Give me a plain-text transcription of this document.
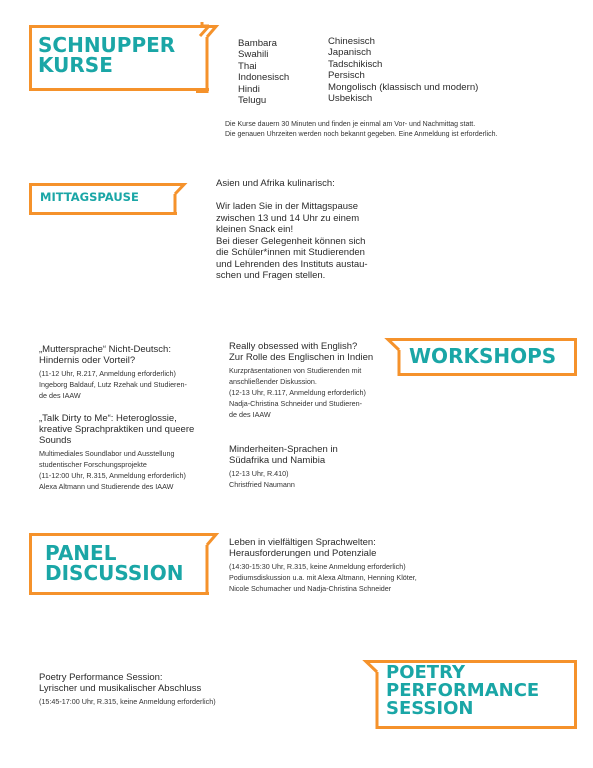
SCHNUPPER
KURSE
Bambara
Swahili
Thai
Indonesisch
Hindi
Telugu
Chinesisch
Japanisch
Tadschikisch
Persisch
Mongolisch (klassisch und modern)
Usbekisch
Die Kurse dauern 30 Minuten und finden je einmal am Vor- und Nachmittag statt.
Die genauen Uhrzeiten werden noch bekannt gegeben. Eine Anmeldung ist erforderlich.
MITTAGSPAUSE
Asien und Afrika kulinarisch:
Wir laden Sie in der Mittagspause
zwischen 13 und 14 Uhr zu einem
kleinen Snack ein!
Bei dieser Gelegenheit können sich
die Schüler*innen mit Studierenden
und Lehrenden des Instituts austau-
schen und Fragen stellen.
„Muttersprache“ Nicht-Deutsch:
Hindernis oder Vorteil?
(11-12 Uhr, R.217, Anmeldung erforderlich)
Ingeborg Baldauf, Lutz Rzehak und Studieren-
de des IAAW
„Talk Dirty to Me“: Heteroglossie,
kreative Sprachpraktiken und queere
Sounds
Multimediales Soundlabor und Ausstellung
studentischer Forschungsprojekte
(11-12:00 Uhr, R.315, Anmeldung erforderlich)
Alexa Altmann und Studierende des IAAW
Really obsessed with English?
Zur Rolle des Englischen in Indien
Kurzpräsentationen von Studierenden mit
anschließender Diskussion.
(12-13 Uhr, R.117, Anmeldung erforderlich)
Nadja-Christina Schneider und Studieren-
de des IAAW
Minderheiten-Sprachen in
Südafrika und Namibia
(12-13 Uhr, R.410)
Christfried Naumann
WORKSHOPS
PANEL
DISCUSSION
Leben in vielfältigen Sprachwelten:
Herausforderungen und Potenziale
(14:30-15:30 Uhr, R.315, keine Anmeldung erforderlich)
Podiumsdiskussion u.a. mit Alexa Altmann, Henning Klöter,
Nicole Schumacher und Nadja-Christina Schneider
Poetry Performance Session:
Lyrischer und musikalischer Abschluss
(15:45-17:00 Uhr, R.315, keine Anmeldung erforderlich)
POETRY
PERFORMANCE
SESSION
